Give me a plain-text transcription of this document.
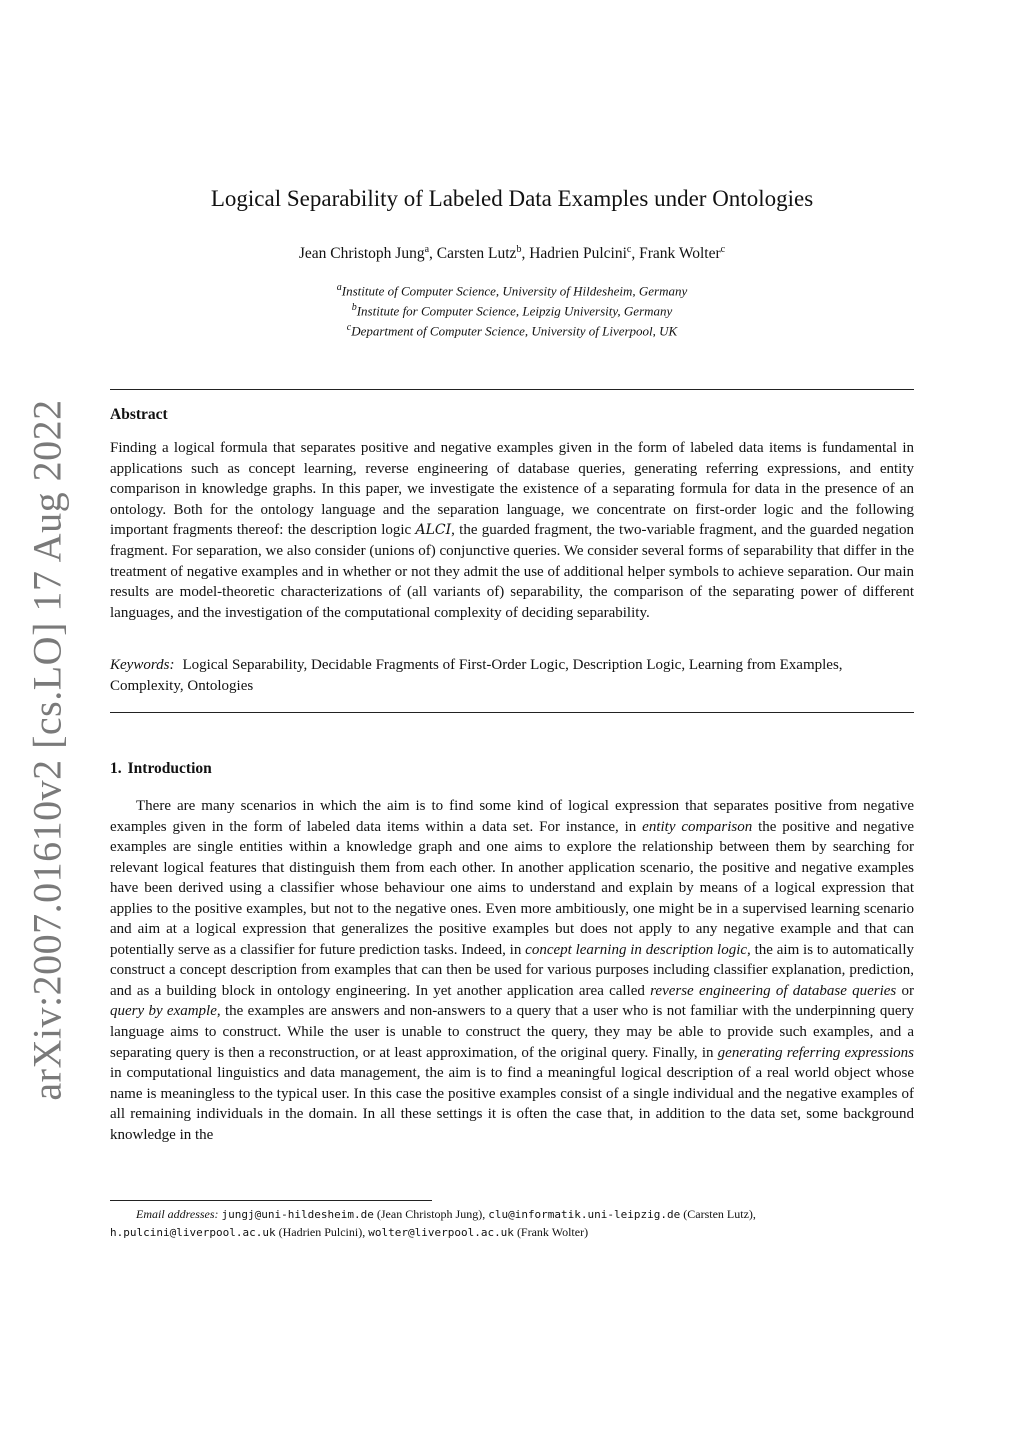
arXiv:2007.01610v2 [cs.LO] 17 Aug 2022
Logical Separability of Labeled Data Examples under Ontologies
Jean Christoph Jung$^a$, Carsten Lutz$^b$, Hadrien Pulcini$^c$, Frank Wolter$^c$
$^a$Institute of Computer Science, University of Hildesheim, Germany
$^b$Institute for Computer Science, Leipzig University, Germany
$^c$Department of Computer Science, University of Liverpool, UK
Abstract

Finding a logical formula that separates positive and negative examples given in the form of labeled data items is fundamental in applications such as concept learning, reverse engineering of database queries, generating referring expressions, and entity comparison in knowledge graphs. In this paper, we investigate the existence of a separating formula for data in the presence of an ontology. Both for the ontology language and the separation language, we concentrate on first-order logic and the following important fragments thereof: the description logic ALCI, the guarded fragment, the two-variable fragment, and the guarded negation fragment. For separation, we also consider (unions of) conjunctive queries. We consider several forms of separability that differ in the treatment of negative examples and in whether or not they admit the use of additional helper symbols to achieve separation. Our main results are model-theoretic characterizations of (all variants of) separability, the comparison of the separating power of different languages, and the investigation of the computational complexity of deciding separability.

Keywords: Logical Separability, Decidable Fragments of First-Order Logic, Description Logic, Learning from Examples, Complexity, Ontologies

1. Introduction

There are many scenarios in which the aim is to find some kind of logical expression that separates positive from negative examples given in the form of labeled data items within a data set. For instance, in entity comparison the positive and negative examples are single entities within a knowledge graph and one aims to explore the relationship between them by searching for relevant logical features that distinguish them from each other. In another application scenario, the positive and negative examples have been derived using a classifier whose behaviour one aims to understand and explain by means of a logical expression that applies to the positive examples, but not to the negative ones. Even more ambitiously, one might be in a supervised learning scenario and aim at a logical expression that generalizes the positive examples but does not apply to any negative example and that can potentially serve as a classifier for future prediction tasks. Indeed, in concept learning in description logic, the aim is to automatically construct a concept description from examples that can then be used for various purposes including classifier explanation, prediction, and as a building block in ontology engineering. In yet another application area called reverse engineering of database queries or query by example, the examples are answers and non-answers to a query that a user who is not familiar with the underpinning query language aims to construct. While the user is unable to construct the query, they may be able to provide such examples, and a separating query is then a reconstruction, or at least approximation, of the original query. Finally, in generating referring expressions in computational linguistics and data management, the aim is to find a meaningful logical description of a real world object whose name is meaningless to the typical user. In this case the positive examples consist of a single individual and the negative examples of all remaining individuals in the domain. In all these settings it is often the case that, in addition to the data set, some background knowledge in the

Email addresses: jungj@uni-hildesheim.de (Jean Christoph Jung), clu@informatik.uni-leipzig.de (Carsten Lutz), h.pulcini@liverpool.ac.uk (Hadrien Pulcini), wolter@liverpool.ac.uk (Frank Wolter)
